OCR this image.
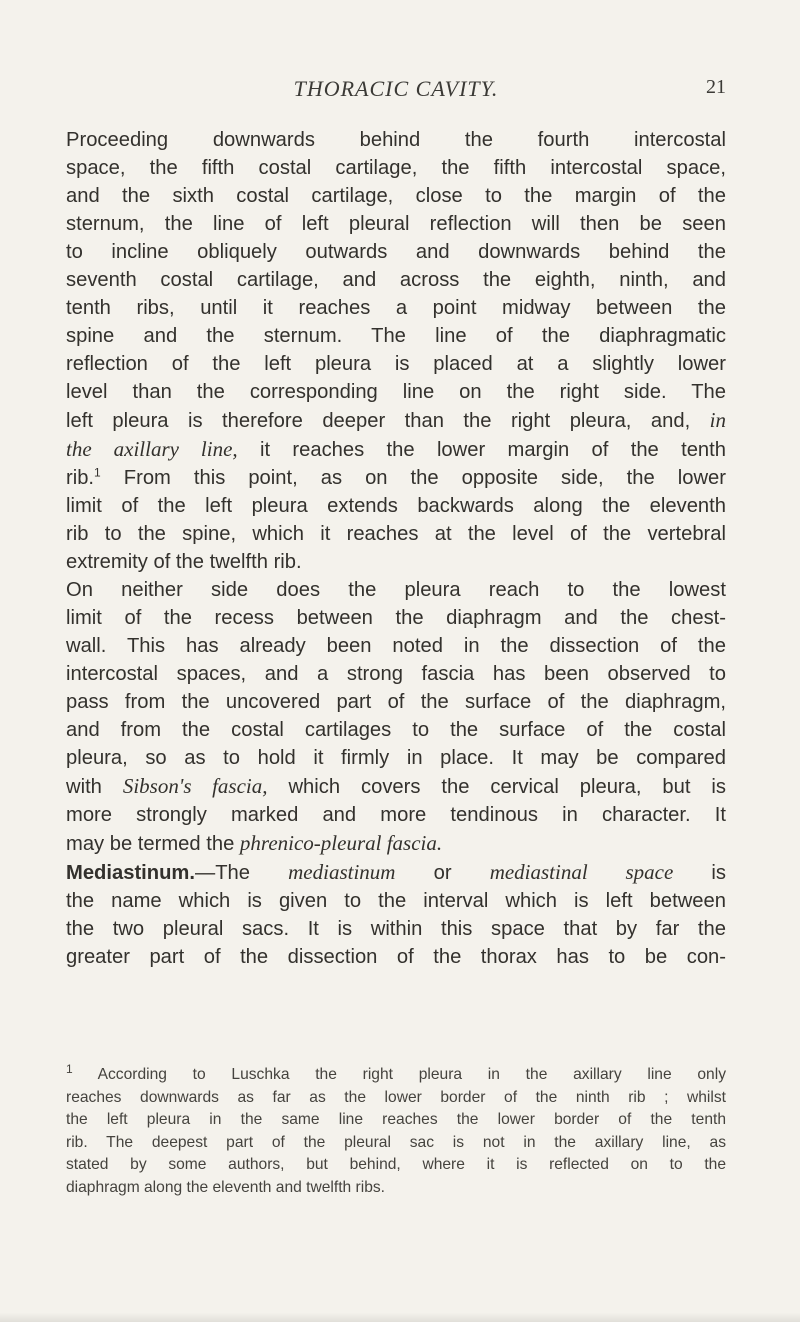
THORACIC CAVITY.	21
Proceeding downwards behind the fourth intercostal
space, the fifth costal cartilage, the fifth intercostal space,
and the sixth costal cartilage, close to the margin of the
sternum, the line of left pleural reflection will then be seen
to incline obliquely outwards and downwards behind the
seventh costal cartilage, and across the eighth, ninth, and
tenth ribs, until it reaches a point midway between the
spine and the sternum. The line of the diaphragmatic
reflection of the left pleura is placed at a slightly lower
level than the corresponding line on the right side. The
left pleura is therefore deeper than the right pleura, and, in
the axillary line, it reaches the lower margin of the tenth
rib.$^1$ From this point, as on the opposite side, the lower
limit of the left pleura extends backwards along the eleventh
rib to the spine, which it reaches at the level of the vertebral
extremity of the twelfth rib.
On neither side does the pleura reach to the lowest
limit of the recess between the diaphragm and the chest-
wall. This has already been noted in the dissection of the
intercostal spaces, and a strong fascia has been observed to
pass from the uncovered part of the surface of the diaphragm,
and from the costal cartilages to the surface of the costal
pleura, so as to hold it firmly in place. It may be compared
with Sibson's fascia, which covers the cervical pleura, but is
more strongly marked and more tendinous in character. It
may be termed the phrenico-pleural fascia.
Mediastinum.—The mediastinum or mediastinal space is
the name which is given to the interval which is left between
the two pleural sacs. It is within this space that by far the
greater part of the dissection of the thorax has to be con-
$^1$ According to Luschka the right pleura in the axillary line only
reaches downwards as far as the lower border of the ninth rib ; whilst
the left pleura in the same line reaches the lower border of the tenth
rib. The deepest part of the pleural sac is not in the axillary line, as
stated by some authors, but behind, where it is reflected on to the
diaphragm along the eleventh and twelfth ribs.
